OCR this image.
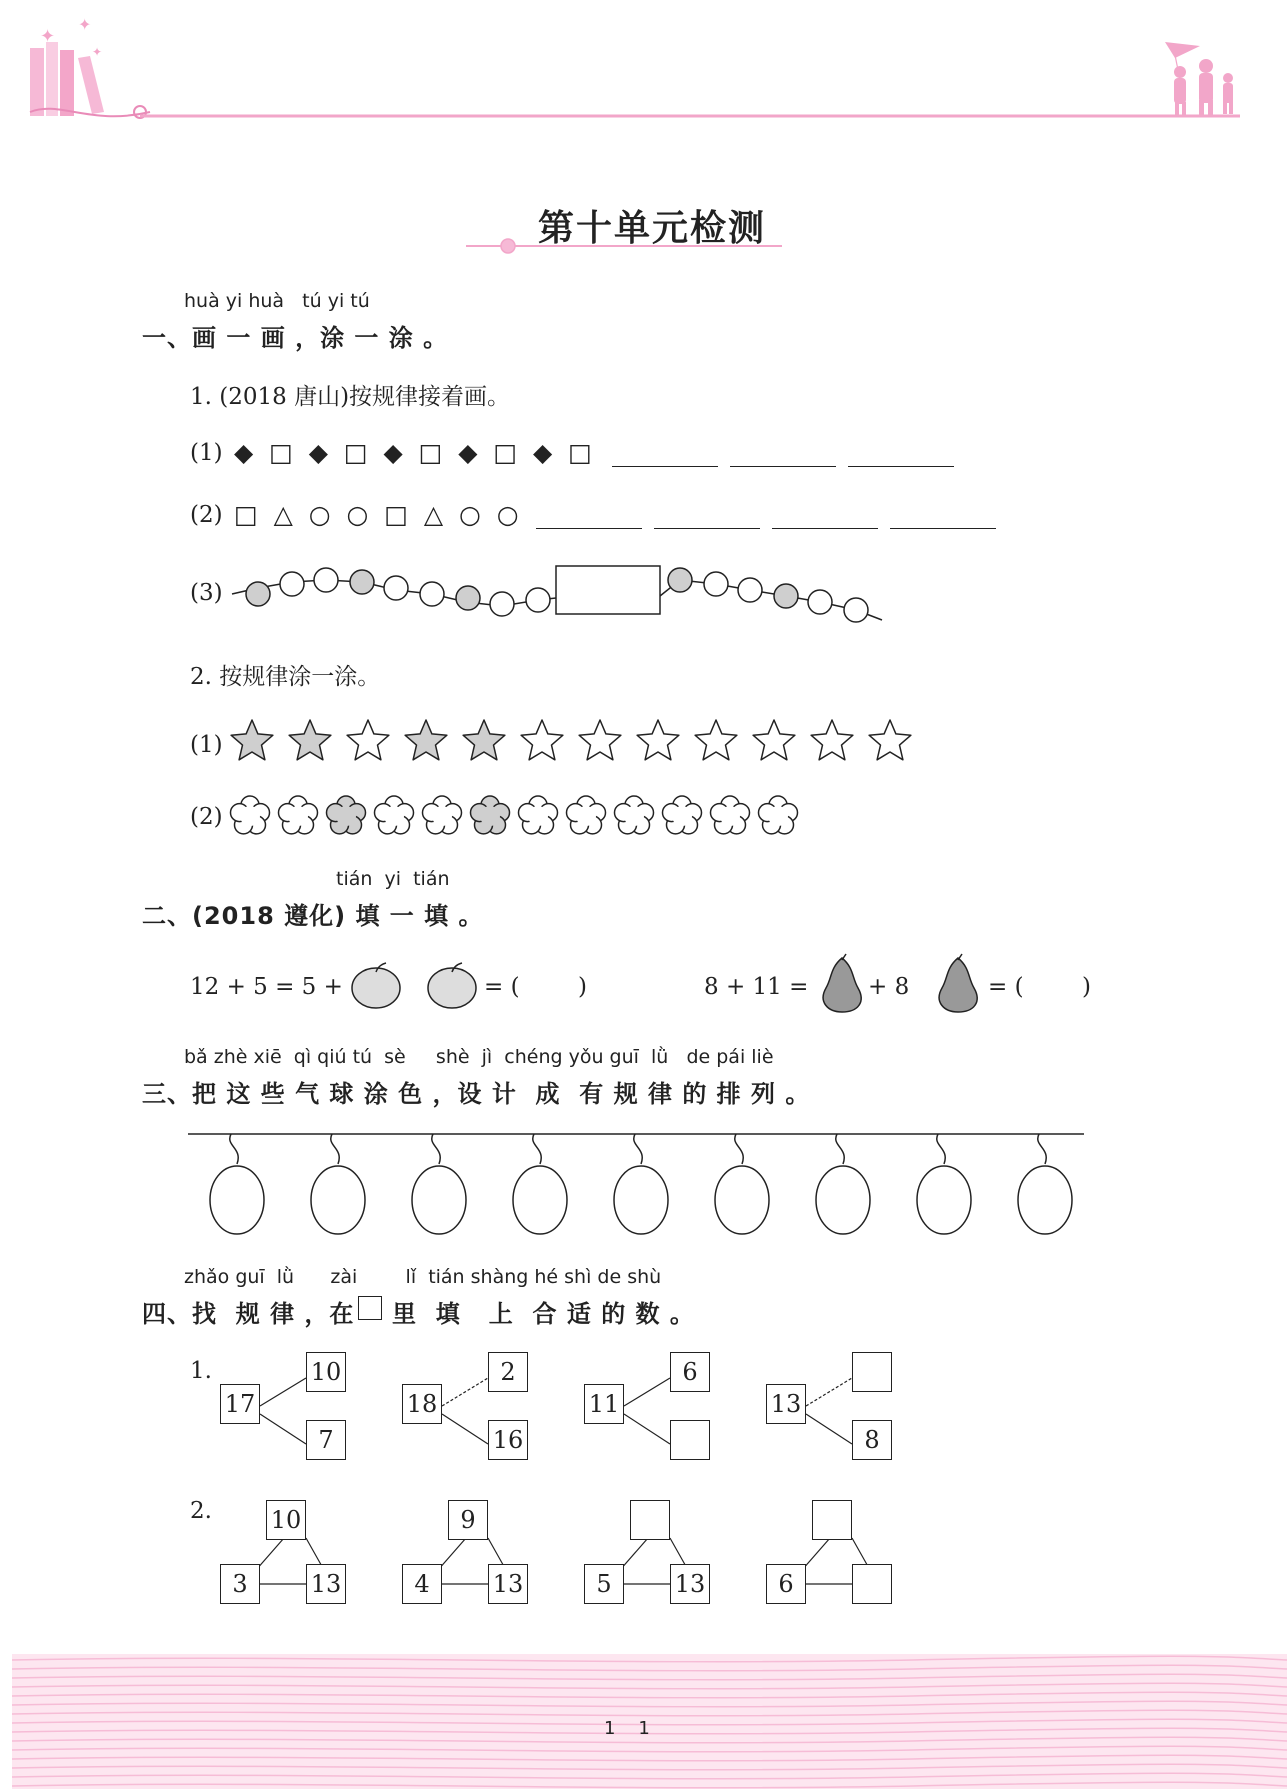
✦
✦
✦
第十单元检测
huà yi huà   tú yi tú
一、画 一 画 ，涂 一 涂 。
1. (2018 唐山)按规律接着画。
(1) ◆ □ ◆ □ ◆ □ ◆ □ ◆ □
(2) □ △ ○ ○ □ △ ○ ○
(3)
2. 按规律涂一涂。
(1)
(2)
tián  yi  tián
二、(2018 遵化) 填 一 填 。
12 + 5 = 5 +	= (        )	8 + 11 =	+ 8	= (        )
bǎ zhè xiē  qì qiú tú  sè     shè  jì  chéng yǒu guī  lǜ   de pái liè
三、把 这 些 气 球 涂 色 ，设 计  成  有 规 律 的 排 列 。
zhǎo guī  lǜ      zài        lǐ  tián shàng hé shì de shù
四、找  规 律 ，在 里  填   上  合 适 的 数 。
1.
2.
17
10
7
18
2
16
11
6
13
8
10
3	13
9
4	13	5	13	6
1    1
